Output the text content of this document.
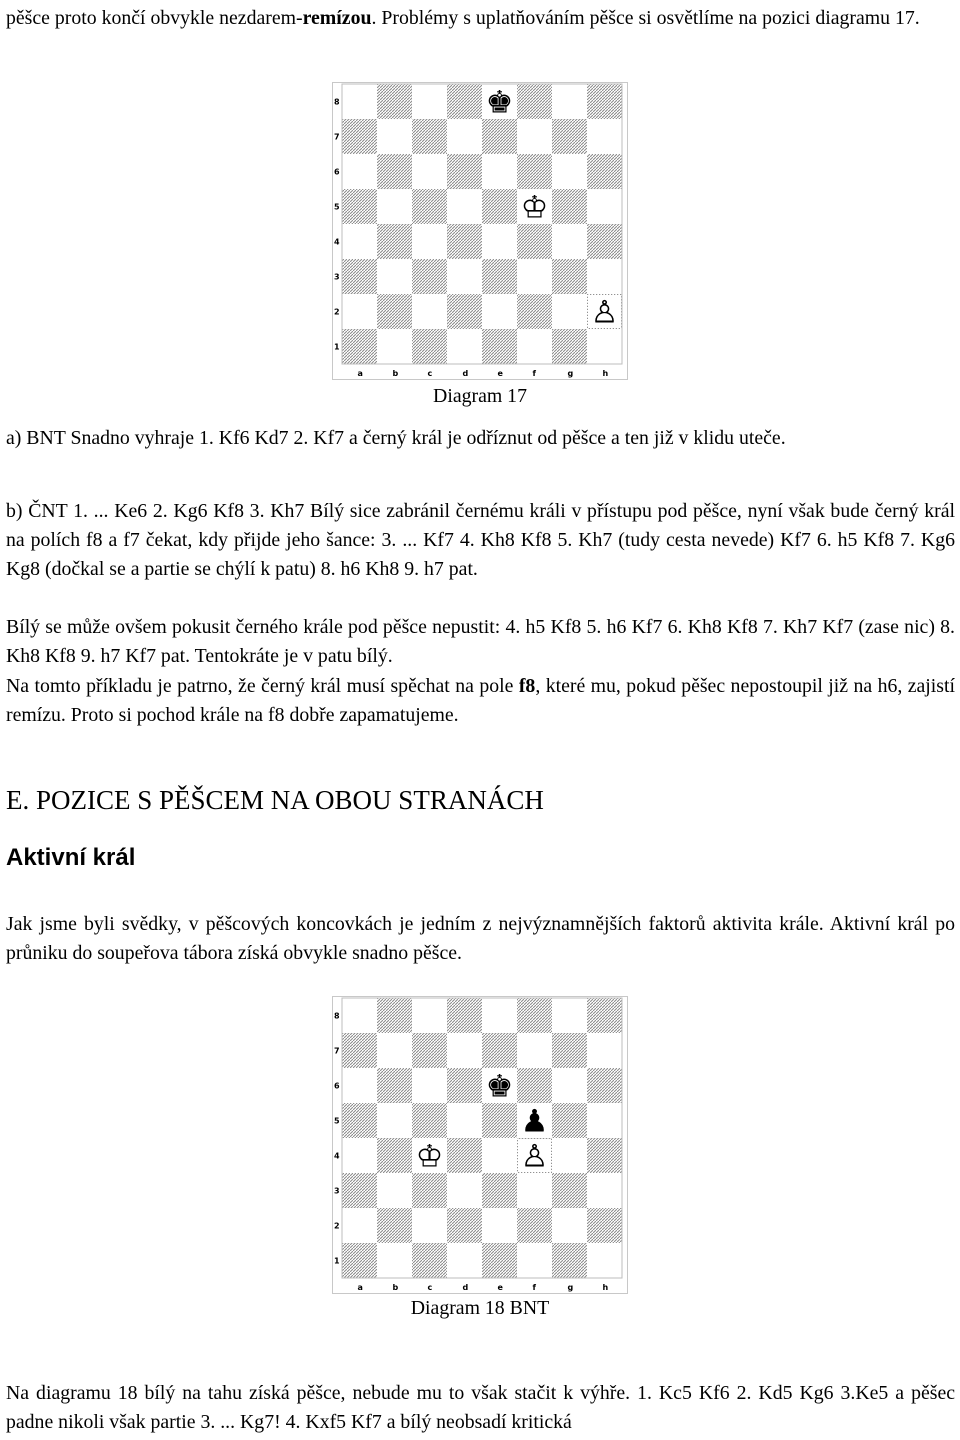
pěšce proto končí obvykle nezdarem-remízou. Problémy s uplatňováním pěšce si osvětlíme na pozici diagramu 17.

8
7
6
5
4
3
2
1
a	b	c	d	e	f	g	h
♚
♔
♙
Diagram 17

a) BNT Snadno vyhraje 1. Kf6 Kd7 2. Kf7 a černý král je odříznut od pěšce a ten již v klidu uteče.

b) ČNT 1. ... Ke6 2. Kg6 Kf8 3. Kh7 Bílý sice zabránil černému králi v přístupu pod pěšce, nyní však bude černý král na polích f8 a f7 čekat, kdy přijde jeho šance: 3. ... Kf7 4. Kh8 Kf8 5. Kh7 (tudy cesta nevede) Kf7 6. h5 Kf8 7. Kg6 Kg8 (dočkal se a partie se chýlí k patu) 8. h6 Kh8 9. h7 pat.

Bílý se může ovšem pokusit černého krále pod pěšce nepustit: 4. h5 Kf8 5. h6 Kf7 6. Kh8 Kf8 7. Kh7 Kf7 (zase nic) 8. Kh8 Kf8 9. h7 Kf7 pat. Tentokráte je v patu bílý.

Na tomto příkladu je patrno, že černý král musí spěchat na pole f8, které mu, pokud pěšec nepostoupil již na h6, zajistí remízu. Proto si pochod krále na f8 dobře zapamatujeme.

E. POZICE S PĚŠCEM NA OBOU STRANÁCH
Aktivní král

Jak jsme byli svědky, v pěšcových koncovkách je jedním z nejvýznamnějších faktorů aktivita krále. Aktivní král po průniku do soupeřova tábora získá obvykle snadno pěšce.

8
7
6
5
4
3
2
1
a	b	c	d	e	f	g	h
♚
♟
♔ ♙
Diagram 18 BNT

Na diagramu 18 bílý na tahu získá pěšce, nebude mu to však stačit k výhře. 1. Kc5 Kf6 2. Kd5 Kg6 3.Ke5 a pěšec padne nikoli však partie 3. ... Kg7! 4. Kxf5 Kf7 a bílý neobsadí kritická
